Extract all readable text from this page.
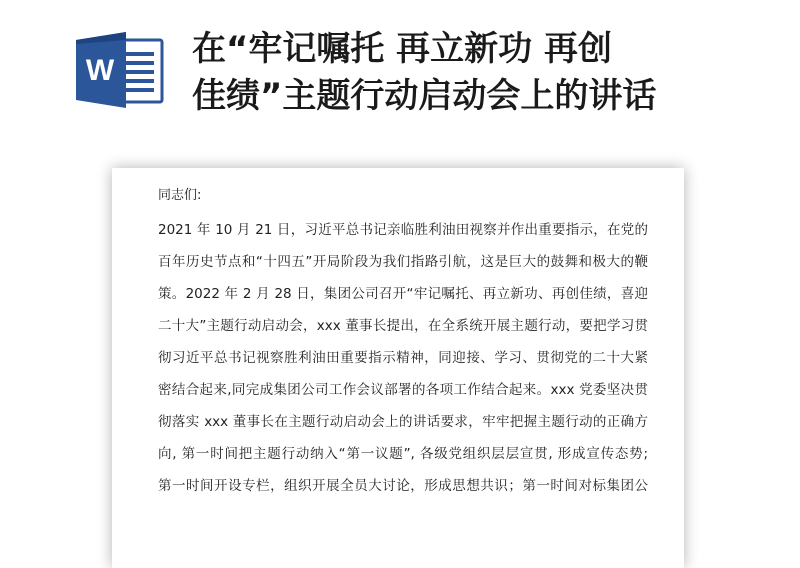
W
在“牢记嘱托 再立新功 再创
佳绩”主题行动启动会上的讲话

同志们:

2021 年 10 月 21 日，习近平总书记亲临胜利油田视察并作出重要指示，在党的
百年历史节点和“十四五”开局阶段为我们指路引航，这是巨大的鼓舞和极大的鞭
策。2022 年 2 月 28 日，集团公司召开“牢记嘱托、再立新功、再创佳绩，喜迎
二十大”主题行动启动会，xxx 董事长提出，在全系统开展主题行动，要把学习贯
彻习近平总书记视察胜利油田重要指示精神，同迎接、学习、贯彻党的二十大紧
密结合起来,同完成集团公司工作会议部署的各项工作结合起来。xxx 党委坚决贯
彻落实 xxx 董事长在主题行动启动会上的讲话要求，牢牢把握主题行动的正确方
向, 第一时间把主题行动纳入“第一议题”, 各级党组织层层宣贯, 形成宣传态势;
第一时间开设专栏，组织开展全员大讨论，形成思想共识；第一时间对标集团公
